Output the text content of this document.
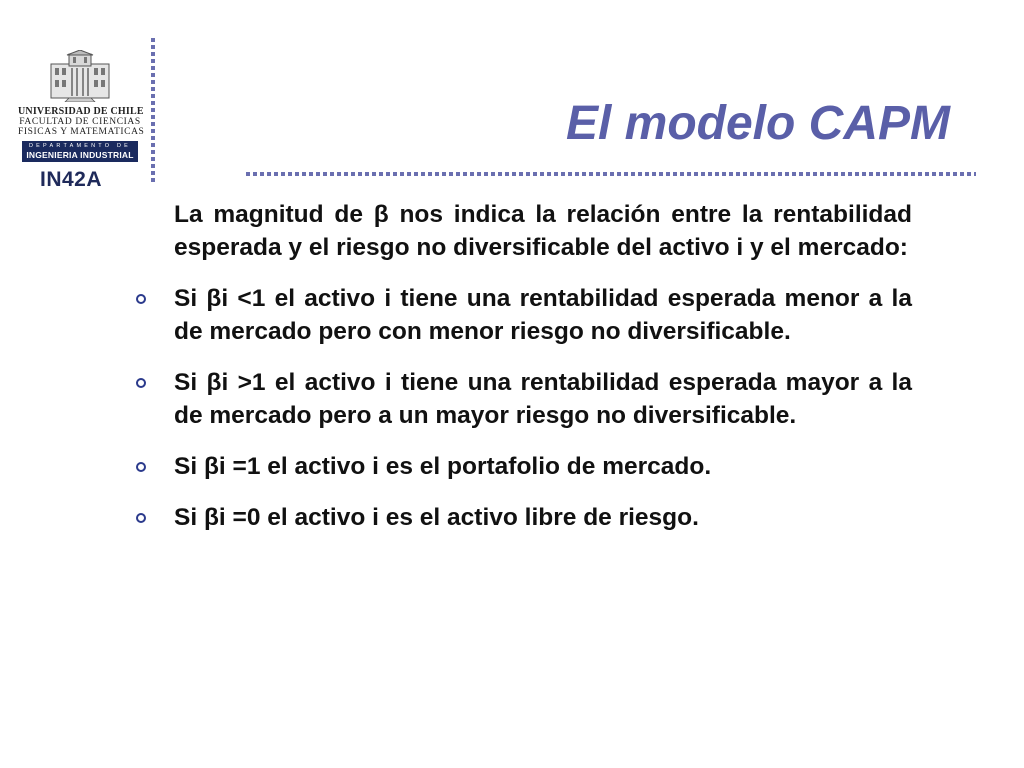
UNIVERSIDAD DE CHILE
FACULTAD DE CIENCIAS
FISICAS Y MATEMATICAS
DEPARTAMENTO DE
INGENIERIA INDUSTRIAL
IN42A
El modelo CAPM
La magnitud de β nos indica la relación entre la rentabilidad esperada y el riesgo no diversificable del activo i y el mercado:
Si βi <1 el activo i tiene una rentabilidad esperada menor a la de mercado pero con menor riesgo no diversificable.
Si βi >1 el activo i tiene una rentabilidad esperada mayor a la de mercado pero a un mayor riesgo no diversificable.
Si βi =1 el activo i es el portafolio de mercado.
Si βi =0 el activo i es el activo libre de riesgo.
